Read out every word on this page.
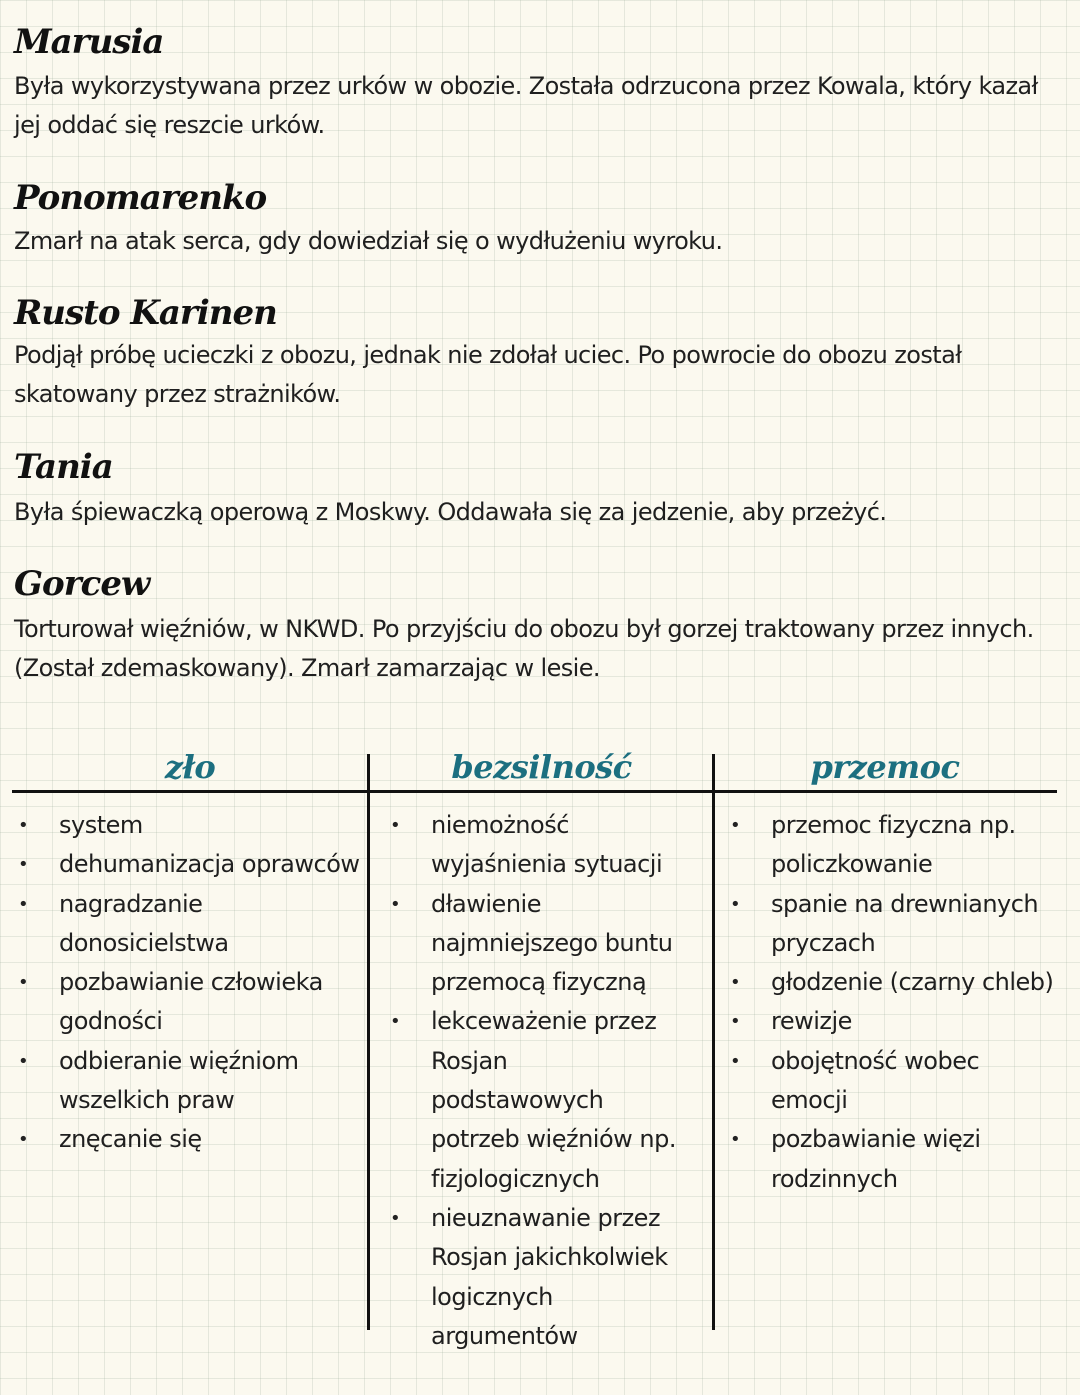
Marusia

Była wykorzystywana przez urków w obozie. Została odrzucona przez Kowala, który kazał jej oddać się reszcie urków.

Ponomarenko

Zmarł na atak serca, gdy dowiedział się o wydłużeniu wyroku.

Rusto Karinen

Podjął próbę ucieczki z obozu, jednak nie zdołał uciec. Po powrocie do obozu został skatowany przez strażników.

Tania

Była śpiewaczką operową z Moskwy. Oddawała się za jedzenie, aby przeżyć.

Gorcew

Torturował więźniów, w NKWD. Po przyjściu do obozu był gorzej traktowany przez innych. (Został zdemaskowany). Zmarł zamarzając w lesie.

zło	bezsilność	przemoc
• system
• dehumanizacja oprawców
• nagradzanie donosicielstwa
• pozbawianie człowieka godności
• odbieranie więźniom wszelkich praw
• znęcanie się
• niemożność wyjaśnienia sytuacji
• dławienie najmniejszego buntu przemocą fizyczną
• lekceważenie przez Rosjan podstawowych potrzeb więźniów np. fizjologicznych
• nieuznawanie przez Rosjan jakichkolwiek logicznych argumentów
• przemoc fizyczna np. policzkowanie
• spanie na drewnianych pryczach
• głodzenie (czarny chleb)
• rewizje
• obojętność wobec emocji
• pozbawianie więzi rodzinnych
